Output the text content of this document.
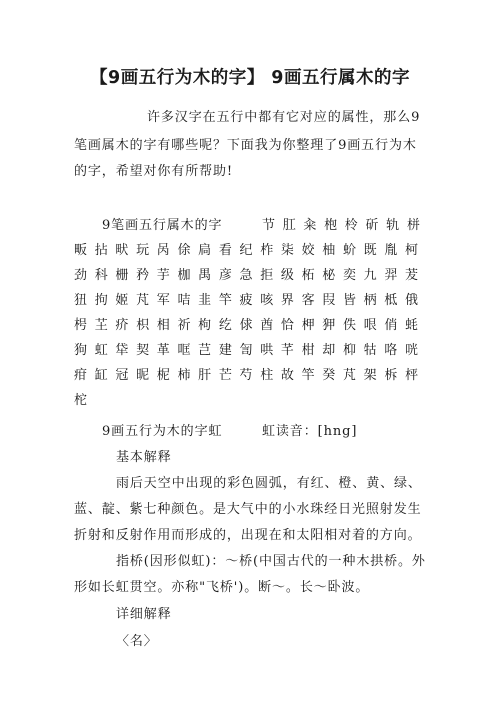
【9画五行为木的字】 9画五行属木的字
许多汉字在五行中都有它对应的属性，那么9
笔画属木的字有哪些呢？下面我为你整理了9画五行为木
的字，希望对你有所帮助!
9笔画五行属木的字	节 肛 籴 枹 柃 斫 轨 栟
畈 拈 畎 玩 呙 俆 扃 看 纪 柞 柒 姣 柚 蚧 既 胤 柯
劲 科 栅 矜 芋 枷 禺 彦 急 拒 级 柘 柲 奕 九 羿 茇
狃 拘 姬 芃 军 咭 韭 竿 疲 咳 界 客 叚 皆 柄 柢 俄
枵 芏 疥 枳 相 祈 枸 纥 俅 酋 恰 柙 狎 佚 哏 俏 蚝
狗 虹 牮 契 革 哐 芑 建 訇 哄 芊 柑 却 枊 牯 咯 咣
疳 缸 冠 昵 柅 柿 肝 芒 芍 柱 故 竿 癸 芃 架 柝 枰
柁
9画五行为木的字虹	虹读音：[hng]
基本解释
雨后天空中出现的彩色圆弧，有红、橙、黄、绿、
蓝、靛、紫七种颜色。是大气中的小水珠经日光照射发生
折射和反射作用而形成的，出现在和太阳相对着的方向。
指桥(因形似虹)：～桥(中国古代的一种木拱桥。外
形如长虹贯空。亦称"飞桥')。断～。长～卧波。
详细解释
〈名〉
